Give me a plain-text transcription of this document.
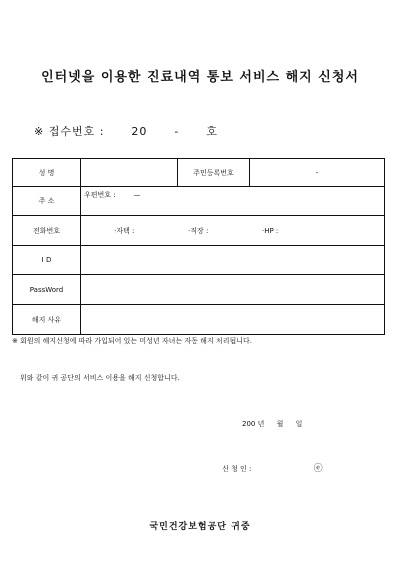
인터넷을 이용한 진료내역 통보 서비스 해지 신청서
※ 접수번호 : 20 - 호
성 명		주민등록번호	-
주 소	우편번호 : —		
전화번호	·자택 : ·직장 : ·HP :		
I D			
PassWord			
해지 사유			
※ 회원의 해지신청에 따라 가입되어 있는 미성년 자녀는 자동 해지 처리됩니다.
위와 같이 귀 공단의 서비스 이용을 해지 신청합니다.
200 년 월 일
신 청 인 :	ⓔ
국민건강보험공단 귀중
